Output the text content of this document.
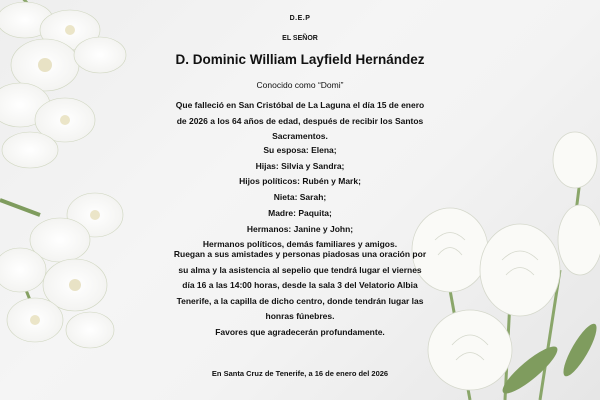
D.E.P
EL SEÑOR
D. Dominic William Layfield Hernández
Conocido como “Domi”
Que falleció en San Cristóbal de La Laguna el día 15 de enero
de 2026 a los 64 años de edad, después de recibir los Santos
Sacramentos.
Su esposa: Elena;
Hijas: Silvia y Sandra;
Hijos políticos: Rubén y Mark;
Nieta: Sarah;
Madre: Paquita;
Hermanos: Janine y John;
Hermanos políticos, demás familiares y amigos.
Ruegan a sus amistades y personas piadosas una oración por
su alma y la asistencia al sepelio que tendrá lugar el viernes
día 16 a las 14:00 horas, desde la sala 3 del Velatorio Albia
Tenerife, a la capilla de dicho centro, donde tendrán lugar las
honras fúnebres.
Favores que agradecerán profundamente.
En Santa Cruz de Tenerife, a 16 de enero del 2026
